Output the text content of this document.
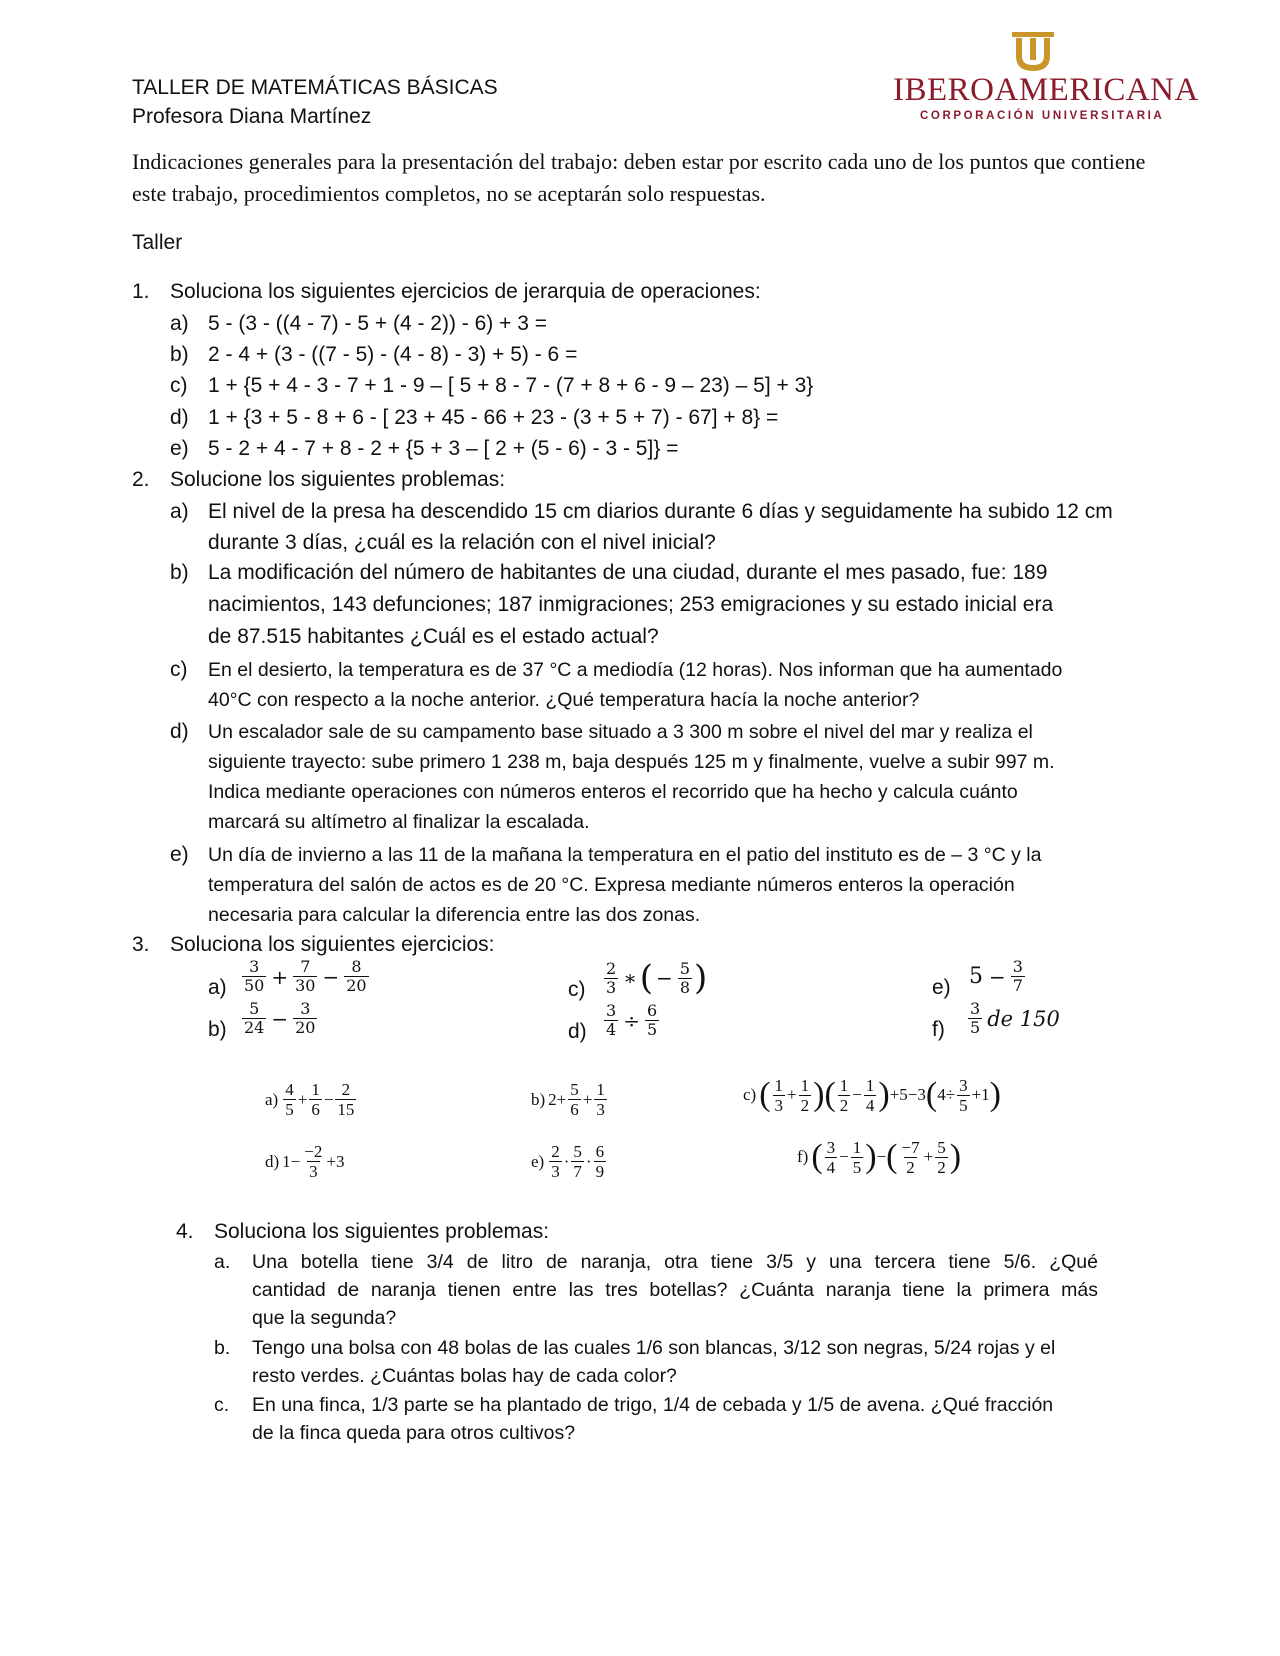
TALLER DE MATEMÁTICAS BÁSICAS
Profesora Diana Martínez
IBEROAMERICANA
CORPORACIÓN UNIVERSITARIA
Indicaciones generales para la presentación del trabajo: deben estar por escrito cada uno de los puntos que contiene este trabajo, procedimientos completos, no se aceptarán solo respuestas.
Taller
1. Soluciona los siguientes ejercicios de jerarquia de operaciones:
a) 5 - (3 - ((4 - 7) - 5 + (4 - 2)) - 6) + 3 =
b) 2 - 4 + (3 - ((7 - 5) - (4 - 8) - 3) + 5) - 6 =
c) 1 + {5 + 4 - 3 - 7 + 1 - 9 – [ 5 + 8 - 7 - (7 + 8 + 6 - 9 – 23) – 5] + 3}
d) 1 + {3 + 5 - 8 + 6 - [ 23 + 45 - 66 + 23 - (3 + 5 + 7) - 67] + 8} =
e) 5 - 2 + 4 - 7 + 8 - 2 + {5 + 3 – [ 2 + (5 - 6) - 3 - 5]} =
2. Solucione los siguientes problemas:
a) El nivel de la presa ha descendido 15 cm diarios durante 6 días y seguidamente ha subido 12 cm
durante 3 días, ¿cuál es la relación con el nivel inicial?
b) La modificación del número de habitantes de una ciudad, durante el mes pasado, fue: 189
nacimientos, 143 defunciones; 187 inmigraciones; 253 emigraciones y su estado inicial era
de 87.515 habitantes ¿Cuál es el estado actual?
c) En el desierto, la temperatura es de 37 °C a mediodía (12 horas). Nos informan que ha aumentado
40°C con respecto a la noche anterior. ¿Qué temperatura hacía la noche anterior?
d) Un escalador sale de su campamento base situado a 3 300 m sobre el nivel del mar y realiza el
siguiente trayecto: sube primero 1 238 m, baja después 125 m y finalmente, vuelve a subir 997 m.
Indica mediante operaciones con números enteros el recorrido que ha hecho y calcula cuánto
marcará su altímetro al finalizar la escalada.
e) Un día de invierno a las 11 de la mañana la temperatura en el patio del instituto es de – 3 °C y la
temperatura del salón de actos es de 20 °C. Expresa mediante números enteros la operación
necesaria para calcular la diferencia entre las dos zonas.
3. Soluciona los siguientes ejercicios:
$a) \frac{3}{50} + \frac{7}{30} - \frac{8}{20}$
$b) \frac{5}{24} - \frac{3}{20}$
$c) \frac{2}{3}$ ∗( − $\frac{5}{8}$ )
$d) \frac{3}{4} \div \frac{6}{5}$
e) $5 - \frac{3}{7}$
$f) \frac{3}{5}$ de 150
$a) \frac{4}{5} + \frac{1}{6} - \frac{2}{15}$	b) $2+ \frac{5}{6} + \frac{1}{3}$	$c)( \frac{1}{3} + \frac{1}{2}$ )( $\frac{1}{2} - \frac{1}{4} )+5-3(4\div \frac{3}{5} +1)$
d) $1- \frac{-2}{3} +3$	$e) \frac{2}{3} \cdot \frac{5}{7} \cdot \frac{6}{9}$	$f)( \frac{3}{4} - \frac{1}{5}$ )−( $\frac{-7}{2} + \frac{5}{2}$ )
4. Soluciona los siguientes problemas:
a. Una botella tiene 3/4 de litro de naranja, otra tiene 3/5 y una tercera tiene 5/6. ¿Qué
cantidad de naranja tienen entre las tres botellas? ¿Cuánta naranja tiene la primera más
que la segunda?
b. Tengo una bolsa con 48 bolas de las cuales 1/6 son blancas, 3/12 son negras, 5/24 rojas y el
resto verdes. ¿Cuántas bolas hay de cada color?
c. En una finca, 1/3 parte se ha plantado de trigo, 1/4 de cebada y 1/5 de avena. ¿Qué fracción
de la finca queda para otros cultivos?
